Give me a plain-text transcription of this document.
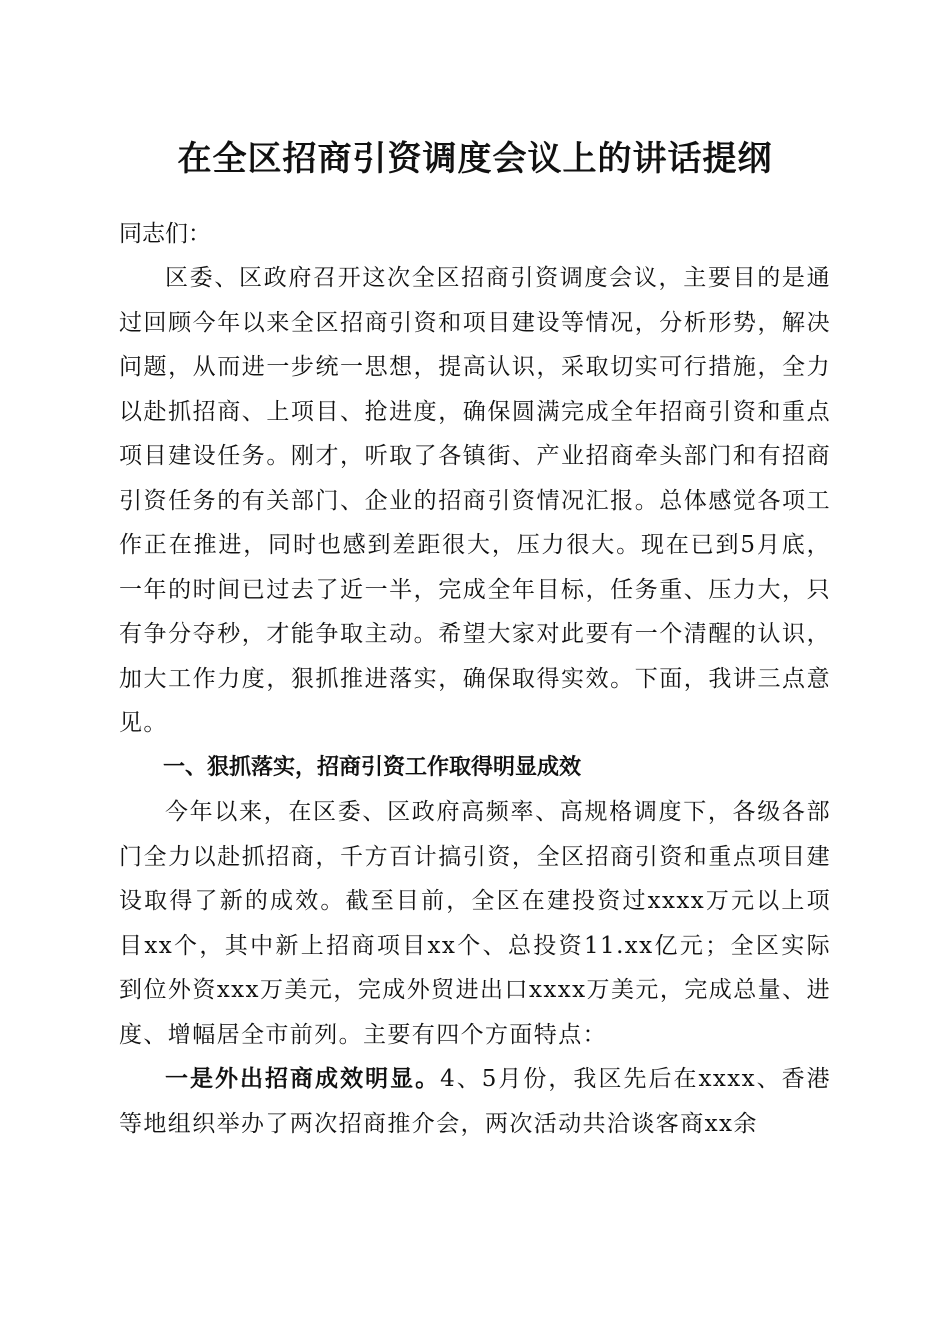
在全区招商引资调度会议上的讲话提纲

同志们：

区委、区政府召开这次全区招商引资调度会议，主要目的是通过回顾今年以来全区招商引资和项目建设等情况，分析形势，解决问题，从而进一步统一思想，提高认识，采取切实可行措施，全力以赴抓招商、上项目、抢进度，确保圆满完成全年招商引资和重点项目建设任务。刚才，听取了各镇街、产业招商牵头部门和有招商引资任务的有关部门、企业的招商引资情况汇报。总体感觉各项工作正在推进，同时也感到差距很大，压力很大。现在已到5月底，一年的时间已过去了近一半，完成全年目标，任务重、压力大，只有争分夺秒，才能争取主动。希望大家对此要有一个清醒的认识，加大工作力度，狠抓推进落实，确保取得实效。下面，我讲三点意见。

一、狠抓落实，招商引资工作取得明显成效

今年以来，在区委、区政府高频率、高规格调度下，各级各部门全力以赴抓招商，千方百计搞引资，全区招商引资和重点项目建设取得了新的成效。截至目前，全区在建投资过xxxx万元以上项目xx个，其中新上招商项目xx个、总投资11.xx亿元；全区实际到位外资xxx万美元，完成外贸进出口xxxx万美元，完成总量、进度、增幅居全市前列。主要有四个方面特点：

一是外出招商成效明显。4、5月份，我区先后在xxxx、香港等地组织举办了两次招商推介会，两次活动共洽谈客商xx余
